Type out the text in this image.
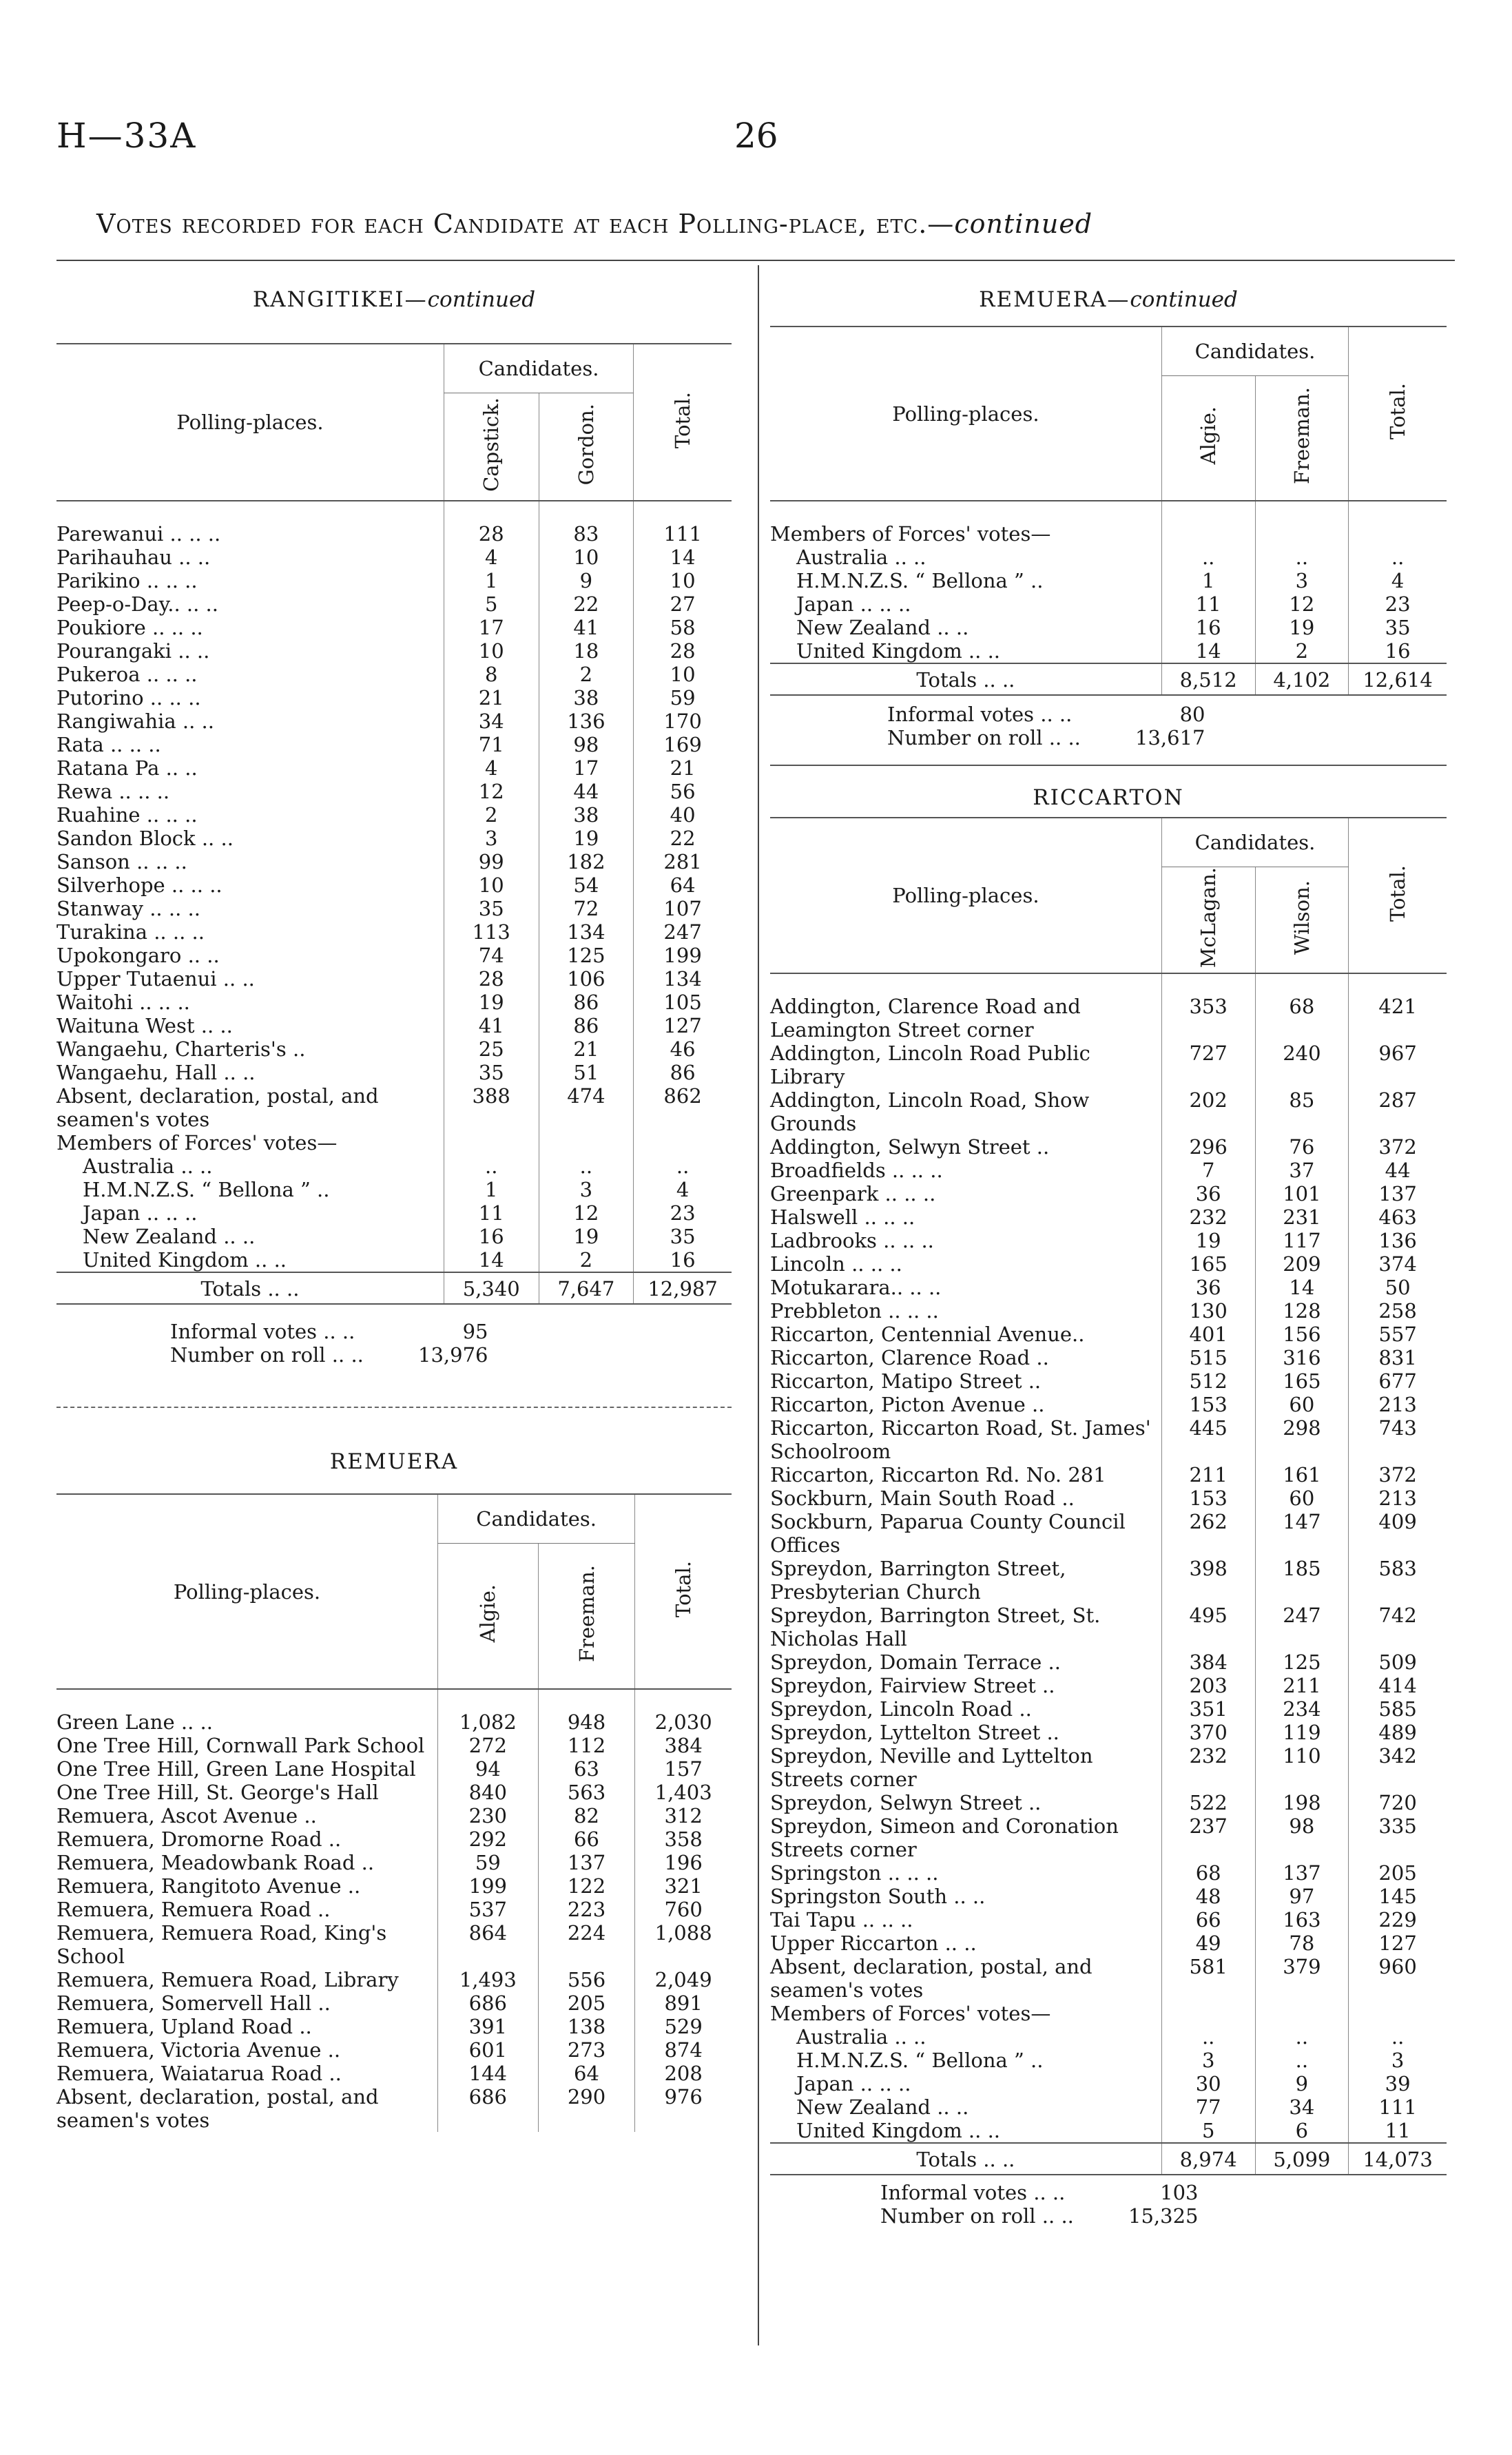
H—33A	26
Votes recorded for each Candidate at each Polling-place, etc.—continued
RANGITIKEI—continued
Polling-places.	Candidates.		Total.
	Capstick.	Gordon.	

Parewanui .. .. ..	28	83	111
Parihauhau .. ..	4	10	14
Parikino .. .. ..	1	9	10
Peep-o-Day.. .. ..	5	22	27
Poukiore .. .. ..	17	41	58
Pourangaki .. ..	10	18	28
Pukeroa .. .. ..	8	2	10
Putorino .. .. ..	21	38	59
Rangiwahia .. ..	34	136	170
Rata .. .. ..	71	98	169
Ratana Pa .. ..	4	17	21
Rewa .. .. ..	12	44	56
Ruahine .. .. ..	2	38	40
Sandon Block .. ..	3	19	22
Sanson .. .. ..	99	182	281
Silverhope .. .. ..	10	54	64
Stanway .. .. ..	35	72	107
Turakina .. .. ..	113	134	247
Upokongaro .. ..	74	125	199
Upper Tutaenui .. ..	28	106	134
Waitohi .. .. ..	19	86	105
Waituna West .. ..	41	86	127
Wangaehu, Charteris's ..	25	21	46
Wangaehu, Hall .. ..	35	51	86
Absent, declaration, postal, and seamen's votes	388	474	862
Members of Forces' votes—			
Australia .. ..	..	..	..
H.M.N.Z.S. “ Bellona ” ..	1	3	4
Japan .. .. ..	11	12	23
New Zealand .. ..	16	19	35
United Kingdom .. ..	14	2	16
Totals .. ..	5,340	7,647	12,987
	Informal votes .. ..	95
	Number on roll .. ..	13,976
REMUERA
Polling-places.	Candidates.		Total.
	Algie.	Freeman.	

Green Lane .. ..	1,082	948	2,030
One Tree Hill, Cornwall Park School	272	112	384
One Tree Hill, Green Lane Hospital	94	63	157
One Tree Hill, St. George's Hall	840	563	1,403
Remuera, Ascot Avenue ..	230	82	312
Remuera, Dromorne Road ..	292	66	358
Remuera, Meadowbank Road ..	59	137	196
Remuera, Rangitoto Avenue ..	199	122	321
Remuera, Remuera Road ..	537	223	760
Remuera, Remuera Road, King's School	864	224	1,088
Remuera, Remuera Road, Library	1,493	556	2,049
Remuera, Somervell Hall ..	686	205	891
Remuera, Upland Road ..	391	138	529
Remuera, Victoria Avenue ..	601	273	874
Remuera, Waiatarua Road ..	144	64	208
Absent, declaration, postal, and seamen's votes	686	290	976
REMUERA—continued
Polling-places.	Candidates.		Total.
	Algie.	Freeman.	

Members of Forces' votes—			
Australia .. ..	..	..	..
H.M.N.Z.S. “ Bellona ” ..	1	3	4
Japan .. .. ..	11	12	23
New Zealand .. ..	16	19	35
United Kingdom .. ..	14	2	16
Totals .. ..	8,512	4,102	12,614
	Informal votes .. ..	80
	Number on roll .. ..	13,617
RICCARTON
Polling-places.	Candidates.		Total.
	McLagan.	Wilson.	

Addington, Clarence Road and Leamington Street corner	353	68	421
Addington, Lincoln Road Public Library	727	240	967
Addington, Lincoln Road, Show Grounds	202	85	287
Addington, Selwyn Street ..	296	76	372
Broadfields .. .. ..	7	37	44
Greenpark .. .. ..	36	101	137
Halswell .. .. ..	232	231	463
Ladbrooks .. .. ..	19	117	136
Lincoln .. .. ..	165	209	374
Motukarara.. .. ..	36	14	50
Prebbleton .. .. ..	130	128	258
Riccarton, Centennial Avenue..	401	156	557
Riccarton, Clarence Road ..	515	316	831
Riccarton, Matipo Street ..	512	165	677
Riccarton, Picton Avenue ..	153	60	213
Riccarton, Riccarton Road, St. James' Schoolroom	445	298	743
Riccarton, Riccarton Rd. No. 281	211	161	372
Sockburn, Main South Road ..	153	60	213
Sockburn, Paparua County Council Offices	262	147	409
Spreydon, Barrington Street, Presbyterian Church	398	185	583
Spreydon, Barrington Street, St. Nicholas Hall	495	247	742
Spreydon, Domain Terrace ..	384	125	509
Spreydon, Fairview Street ..	203	211	414
Spreydon, Lincoln Road ..	351	234	585
Spreydon, Lyttelton Street ..	370	119	489
Spreydon, Neville and Lyttelton Streets corner	232	110	342
Spreydon, Selwyn Street ..	522	198	720
Spreydon, Simeon and Coronation Streets corner	237	98	335
Springston .. .. ..	68	137	205
Springston South .. ..	48	97	145
Tai Tapu .. .. ..	66	163	229
Upper Riccarton .. ..	49	78	127
Absent, declaration, postal, and seamen's votes	581	379	960
Members of Forces' votes—			
Australia .. ..	..	..	..
H.M.N.Z.S. “ Bellona ” ..	3	..	3
Japan .. .. ..	30	9	39
New Zealand .. ..	77	34	111
United Kingdom .. ..	5	6	11
Totals .. ..	8,974	5,099	14,073
	Informal votes .. ..	103
	Number on roll .. ..	15,325
